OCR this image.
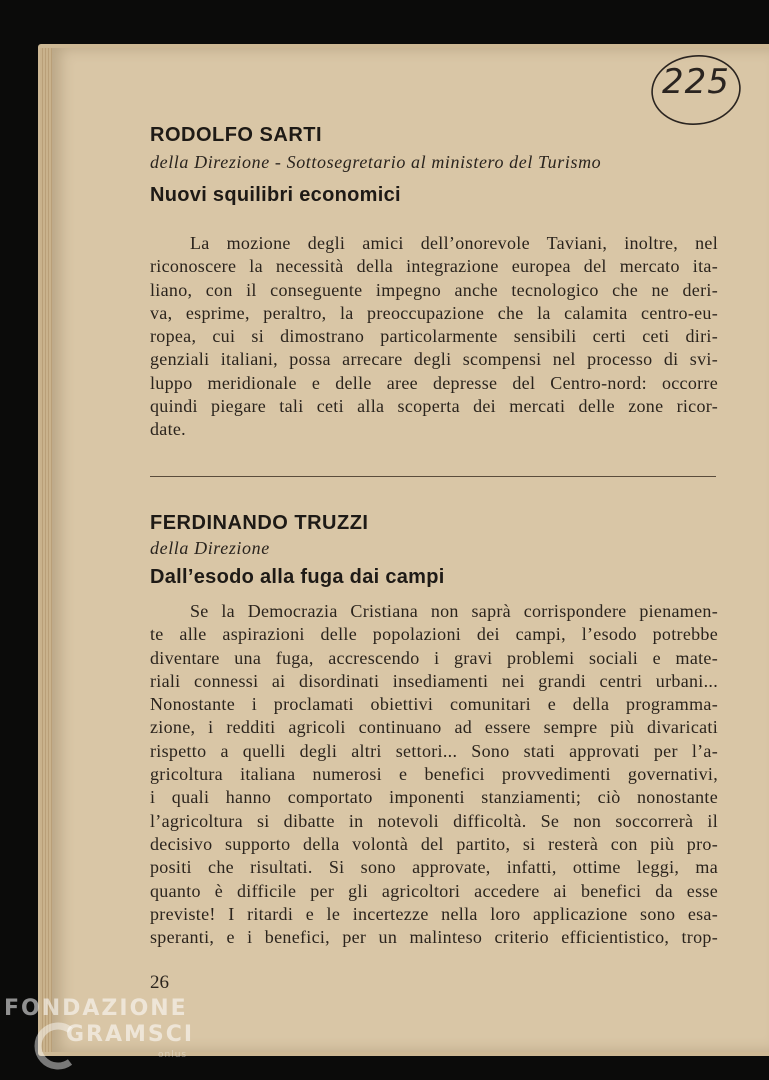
225
RODOLFO SARTI
della Direzione - Sottosegretario al ministero del Turismo
Nuovi squilibri economici
La mozione degli amici dell’onorevole Taviani, inoltre, nel
riconoscere la necessità della integrazione europea del mercato ita-
liano, con il conseguente impegno anche tecnologico che ne deri-
va, esprime, peraltro, la preoccupazione che la calamita centro-eu-
ropea, cui si dimostrano particolarmente sensibili certi ceti diri-
genziali italiani, possa arrecare degli scompensi nel processo di svi-
luppo meridionale e delle aree depresse del Centro-nord: occorre
quindi piegare tali ceti alla scoperta dei mercati delle zone ricor-
date.
FERDINANDO TRUZZI
della Direzione
Dall’esodo alla fuga dai campi
Se la Democrazia Cristiana non saprà corrispondere pienamen-
te alle aspirazioni delle popolazioni dei campi, l’esodo potrebbe
diventare una fuga, accrescendo i gravi problemi sociali e mate-
riali connessi ai disordinati insediamenti nei grandi centri urbani...
Nonostante i proclamati obiettivi comunitari e della programma-
zione, i redditi agricoli continuano ad essere sempre più divaricati
rispetto a quelli degli altri settori... Sono stati approvati per l’a-
gricoltura italiana numerosi e benefici provvedimenti governativi,
i quali hanno comportato imponenti stanziamenti; ciò nonostante
l’agricoltura si dibatte in notevoli difficoltà. Se non soccorrerà il
decisivo supporto della volontà del partito, si resterà con più pro-
positi che risultati. Si sono approvate, infatti, ottime leggi, ma
quanto è difficile per gli agricoltori accedere ai benefici da esse
previste! I ritardi e le incertezze nella loro applicazione sono esa-
speranti, e i benefici, per un malinteso criterio efficientistico, trop-
26
FONDAZIONE
GRAMSCI
onlus
